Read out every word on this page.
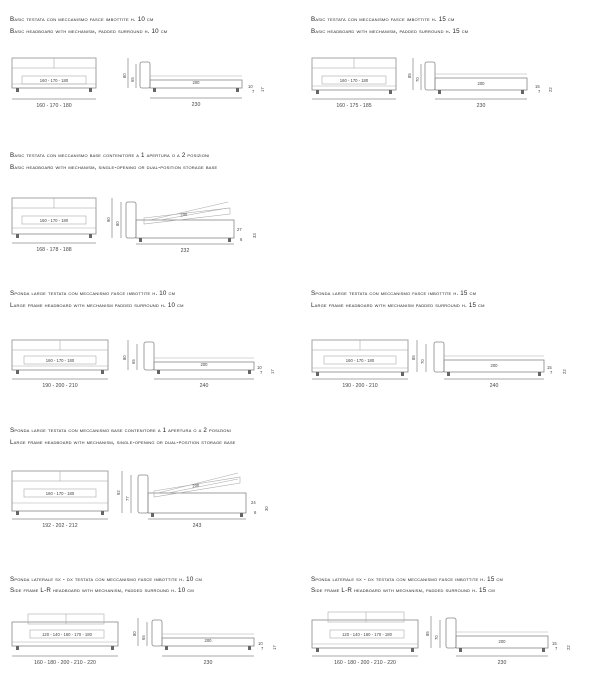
Basic testata con meccanismo fasce imbottite h. 10 cm
Basic headboard with mechanism, padded surround h. 10 cm
160 - 170 - 180
160 - 170 - 180
80
65
200
230
10
7 17
Basic testata con meccanismo fasce imbottite h. 15 cm
Basic headboard with mechanism, padded surround h. 15 cm
160 - 170 - 180
160 - 175 - 185
85
70
200
230
15
7 22
Basic testata con meccanismo base contenitore a 1 apertura o a 2 posizioni
Basic headboard with mechanism, single-opening or dual-position storage base
160 - 170 - 180
168 - 178 - 188
90
80
200
232
27
6
33
Sponda large testata con meccanismo fasce imbottite h. 10 cm
Large frame headboard with mechanism padded surround h. 10 cm
160 - 170 - 180
190 - 200 - 210
80
65
200
240
10
7 17
Sponda large testata con meccanismo fasce imbottite h. 15 cm
Large frame headboard with mechanism padded surround h. 15 cm
160 - 170 - 180
190 - 200 - 210
85
70
200
240
15
7 22
Sponda large testata con meccanismo base contenitore a 1 apertura o a 2 posizioni
Large frame headboard with mechanism, single-opening or dual-position storage base
160 - 170 - 180
192 - 202 - 212
92
77
200
243
24
6
30
Sponda laterale sx - dx testata con meccanismo fasce imbottite h. 10 cm
Side frame L-R headboard with mechanism, padded surround h. 10 cm
120 - 140 - 160 - 170 - 180
160 - 180 - 200 - 210 - 220
80
65
200
230
10
7 17
Sponda laterale sx - dx testata con meccanismo fasce imbottite h. 15 cm
Side frame L-R headboard with mechanism, padded surround h. 15 cm
120 - 140 - 160 - 170 - 180
160 - 180 - 200 - 210 - 220
85
70
200
230
15
7 22
